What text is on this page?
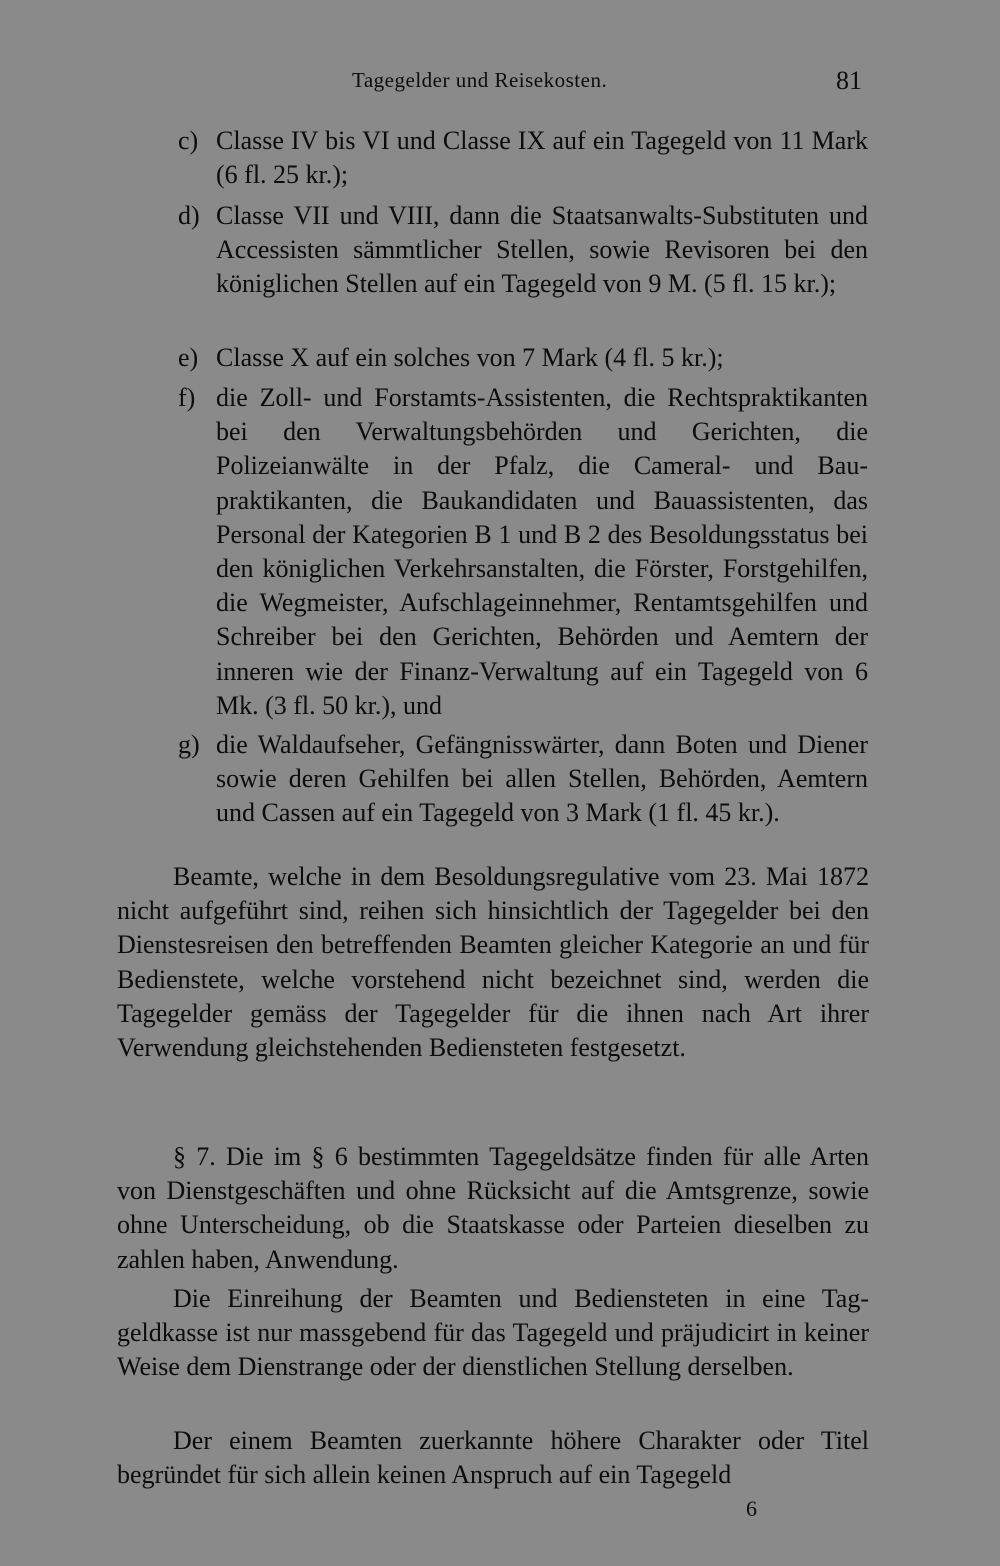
Tagegelder und Reisekosten.	81
c) Classe IV bis VI und Classe IX auf ein Tagegeld von 11 Mark (6 fl. 25 kr.);
d) Classe VII und VIII, dann die Staatsanwalts-Substituten und Accessisten sämmtlicher Stellen, sowie Revisoren bei den königlichen Stellen auf ein Tagegeld von 9 M. (5 fl. 15 kr.);
e) Classe X auf ein solches von 7 Mark (4 fl. 5 kr.);
f) die Zoll- und Forstamts-Assistenten, die Rechtspraktikanten bei den Verwaltungsbehörden und Gerichten, die Polizeianwälte in der Pfalz, die Cameral- und Baupraktikanten, die Baukandidaten und Bauassistenten, das Personal der Kategorien B 1 und B 2 des Besoldungsstatus bei den königlichen Verkehrsanstalten, die Förster, Forstgehilfen, die Wegmeister, Aufschlageinnehmer, Rentamtsgehilfen und Schreiber bei den Gerichten, Behörden und Aemtern der inneren wie der Finanz-Verwaltung auf ein Tagegeld von 6 Mk. (3 fl. 50 kr.), und
g) die Waldaufseher, Gefängnisswärter, dann Boten und Diener sowie deren Gehilfen bei allen Stellen, Behörden, Aemtern und Cassen auf ein Tagegeld von 3 Mark (1 fl. 45 kr.).

Beamte, welche in dem Besoldungsregulative vom 23. Mai 1872 nicht aufgeführt sind, reihen sich hinsichtlich der Tagegelder bei den Dienstesreisen den betreffenden Beamten gleicher Kategorie an und für Bedienstete, welche vorstehend nicht bezeichnet sind, werden die Tagegelder gemäss der Tagegelder für die ihnen nach Art ihrer Verwendung gleichstehenden Bediensteten festgesetzt.

§ 7. Die im § 6 bestimmten Tagegeldsätze finden für alle Arten von Dienstgeschäften und ohne Rücksicht auf die Amtsgrenze, sowie ohne Unterscheidung, ob die Staatskasse oder Parteien dieselben zu zahlen haben, Anwendung.

Die Einreihung der Beamten und Bediensteten in eine Taggeldkasse ist nur massgebend für das Tagegeld und präjudicirt in keiner Weise dem Dienstrange oder der dienstlichen Stellung derselben.

Der einem Beamten zuerkannte höhere Charakter oder Titel begründet für sich allein keinen Anspruch auf ein Tagegeld

6
